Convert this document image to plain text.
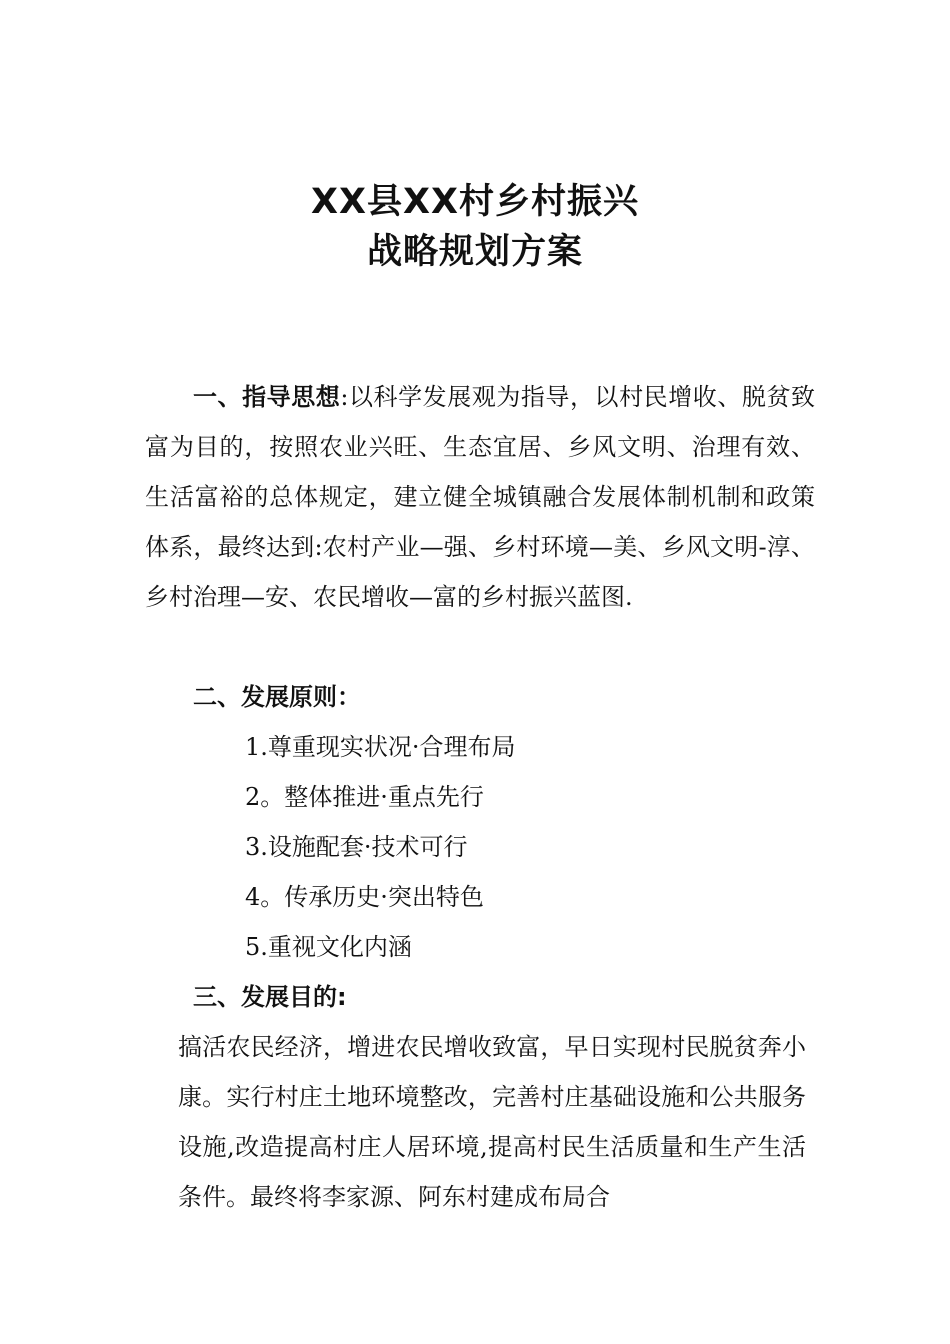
XX县XX村乡村振兴
战略规划方案
一、指导思想:以科学发展观为指导，以村民增收、脱贫致富为目的，按照农业兴旺、生态宜居、乡风文明、治理有效、生活富裕的总体规定，建立健全城镇融合发展体制机制和政策体系，最终达到:农村产业—强、乡村环境—美、乡风文明-淳、乡村治理—安、农民增收—富的乡村振兴蓝图.
二、发展原则：
1.尊重现实状况·合理布局
2。整体推进·重点先行
3.设施配套·技术可行
4。传承历史·突出特色
5.重视文化内涵
三、发展目的:
搞活农民经济，增进农民增收致富，早日实现村民脱贫奔小康。实行村庄土地环境整改，完善村庄基础设施和公共服务设施,改造提高村庄人居环境,提高村民生活质量和生产生活条件。最终将李家源、阿东村建成布局合
